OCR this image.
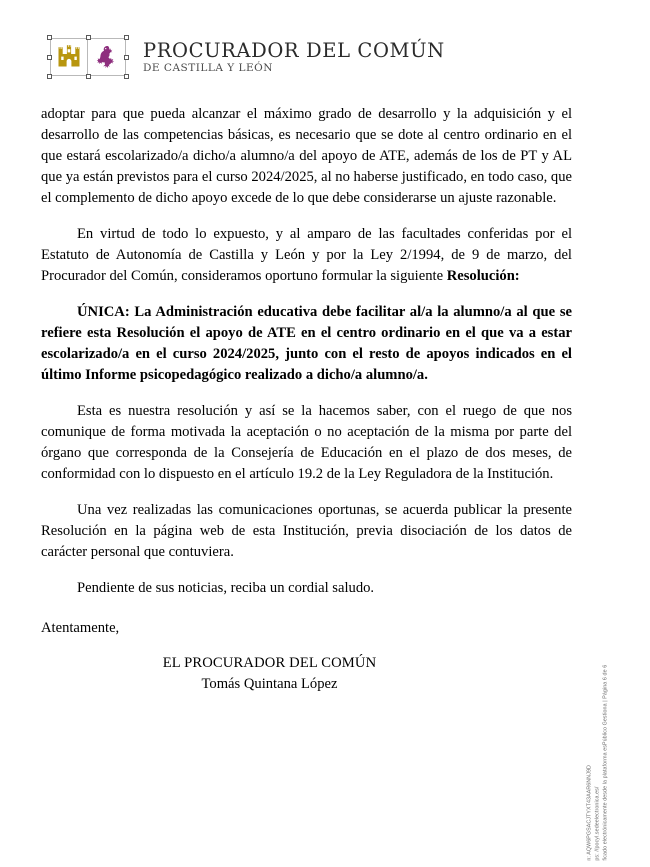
PROCURADOR DEL COMÚN
DE CASTILLA Y LEÓN

adoptar para que pueda alcanzar el máximo grado de desarrollo y la adquisición y el desarrollo de las competencias básicas, es necesario que se dote al centro ordinario en el que estará escolarizado/a dicho/a alumno/a del apoyo de ATE, además de los de PT y AL que ya están previstos para el curso 2024/2025, al no haberse justificado, en todo caso, que el complemento de dicho apoyo excede de lo que debe considerarse un ajuste razonable.

En virtud de todo lo expuesto, y al amparo de las facultades conferidas por el Estatuto de Autonomía de Castilla y León y por la Ley 2/1994, de 9 de marzo, del Procurador del Común, consideramos oportuno formular la siguiente Resolución:

ÚNICA: La Administración educativa debe facilitar al/a la alumno/a al que se refiere esta Resolución el apoyo de ATE en el centro ordinario en el que va a estar escolarizado/a en el curso 2024/2025, junto con el resto de apoyos indicados en el último Informe psicopedagógico realizado a dicho/a alumno/a.

Esta es nuestra resolución y así se la hacemos saber, con el ruego de que nos comunique de forma motivada la aceptación o no aceptación de la misma por parte del órgano que corresponda de la Consejería de Educación en el plazo de dos meses, de conformidad con lo dispuesto en el artículo 19.2 de la Ley Reguladora de la Institución.

Una vez realizadas las comunicaciones oportunas, se acuerda publicar la presente Resolución en la página web de esta Institución, previa disociación de los datos de carácter personal que contuviera.

Pendiente de sus noticias, reciba un cordial saludo.

Atentamente,

EL PROCURADOR DEL COMÚN
Tomás Quintana López
n: AQW6PGSACJTYXT43AAR6NNJ9D ps: //pocyl.sedeelectronica.es/ ficado electrónicamente desde la plataforma esPúblico Gestiona | Página 6 de 6
